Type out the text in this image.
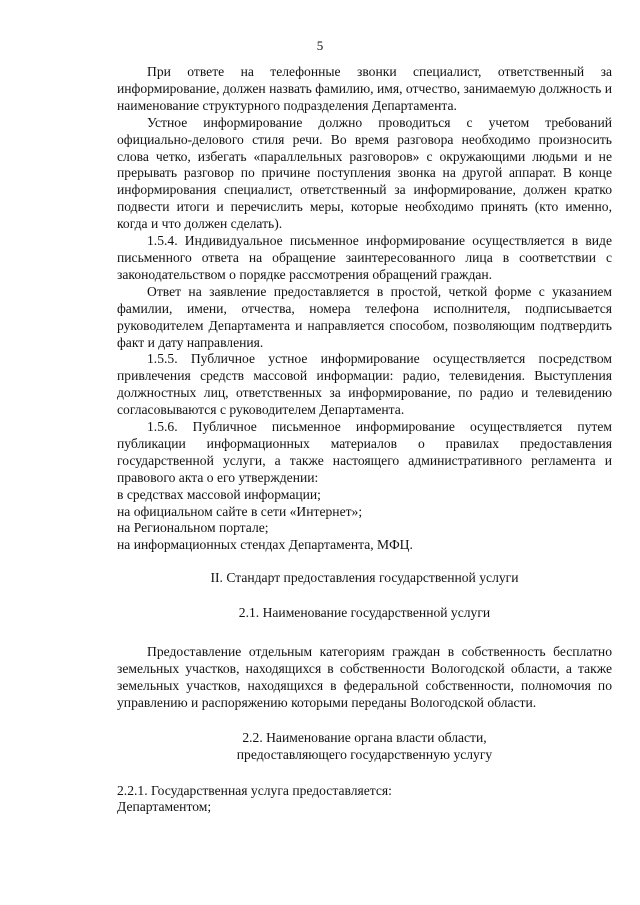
5

При ответе на телефонные звонки специалист, ответственный за информирование, должен назвать фамилию, имя, отчество, занимаемую должность и наименование структурного подразделения Департамента.

Устное информирование должно проводиться с учетом требований официально-делового стиля речи. Во время разговора необходимо произносить слова четко, избегать «параллельных разговоров» с окружающими людьми и не прерывать разговор по причине поступления звонка на другой аппарат. В конце информирования специалист, ответственный за информирование, должен кратко подвести итоги и перечислить меры, которые необходимо принять (кто именно, когда и что должен сделать).

1.5.4. Индивидуальное письменное информирование осуществляется в виде письменного ответа на обращение заинтересованного лица в соответствии с законодательством о порядке рассмотрения обращений граждан.

Ответ на заявление предоставляется в простой, четкой форме с указанием фамилии, имени, отчества, номера телефона исполнителя, подписывается руководителем Департамента и направляется способом, позволяющим подтвердить факт и дату направления.

1.5.5. Публичное устное информирование осуществляется посредством привлечения средств массовой информации: радио, телевидения. Выступления должностных лиц, ответственных за информирование, по радио и телевидению согласовываются с руководителем Департамента.

1.5.6. Публичное письменное информирование осуществляется путем публикации информационных материалов о правилах предоставления государственной услуги, а также настоящего административного регламента и правового акта о его утверждении:

в средствах массовой информации;

на официальном сайте в сети «Интернет»;

на Региональном портале;

на информационных стендах Департамента, МФЦ.

II. Стандарт предоставления государственной услуги

2.1. Наименование государственной услуги

Предоставление отдельным категориям граждан в собственность бесплатно земельных участков, находящихся в собственности Вологодской области, а также земельных участков, находящихся в федеральной собственности, полномочия по управлению и распоряжению которыми переданы Вологодской области.

2.2. Наименование органа власти области,

предоставляющего государственную услугу

2.2.1. Государственная услуга предоставляется:

Департаментом;
